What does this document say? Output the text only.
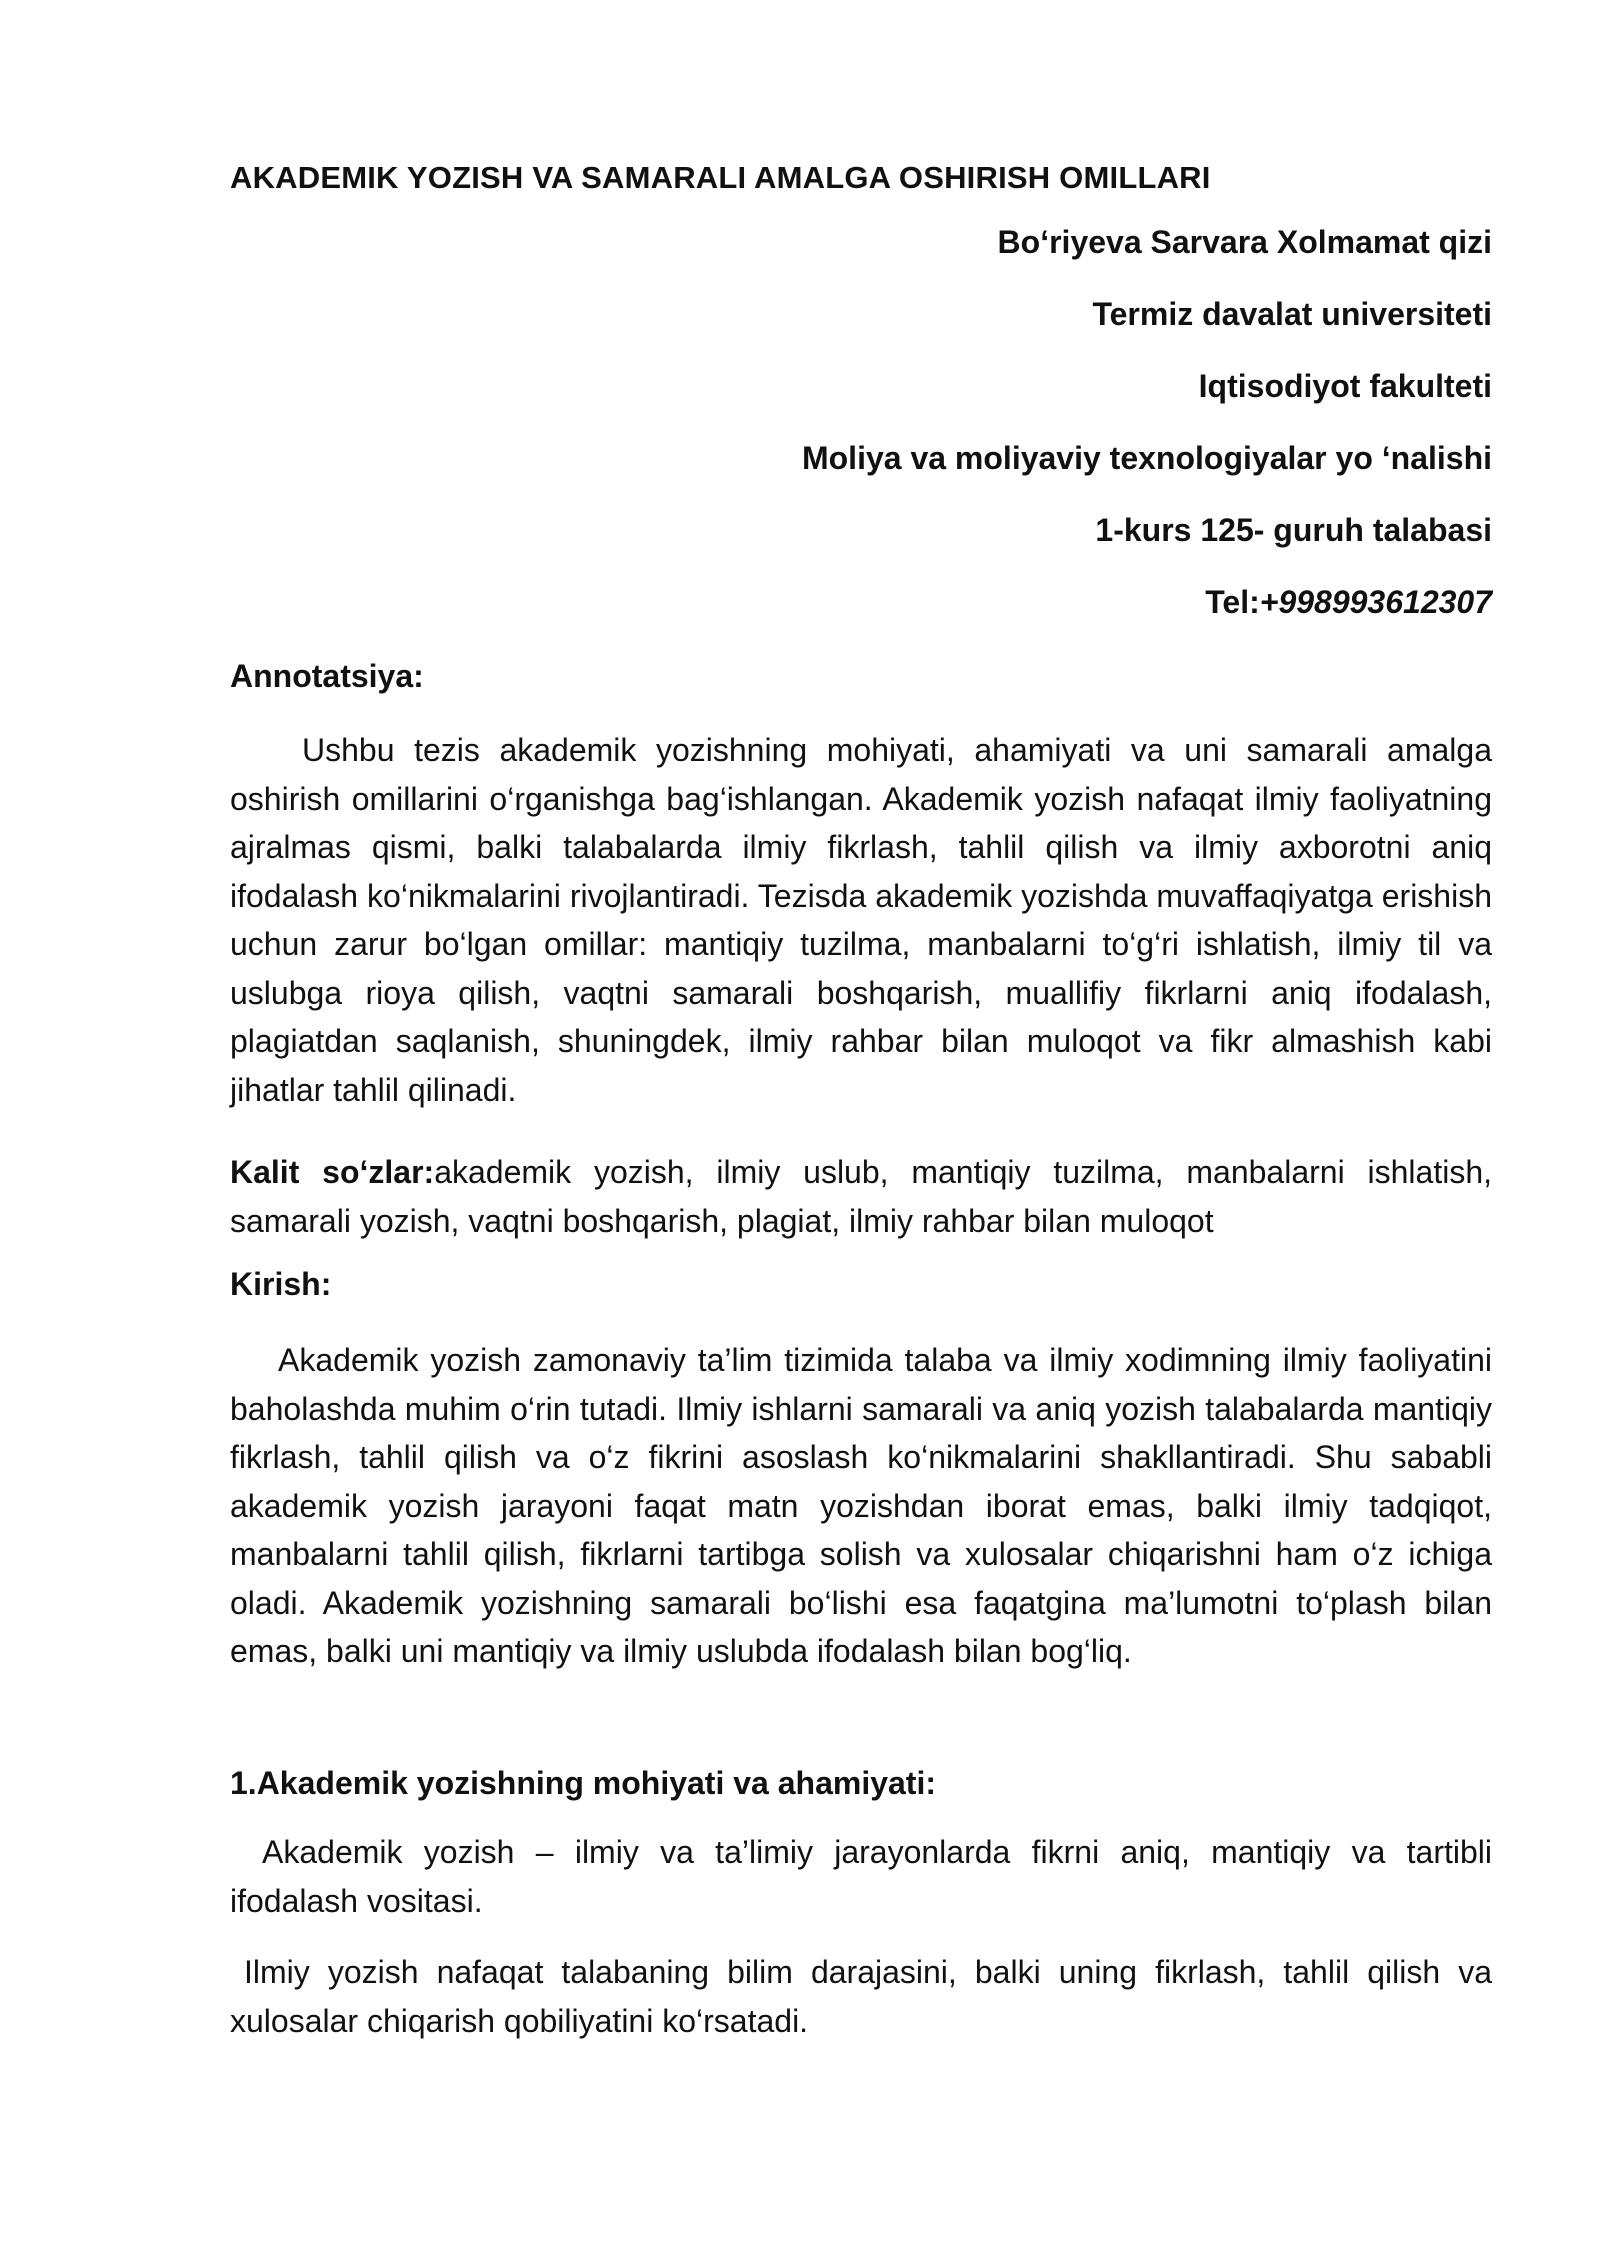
AKADEMIK YOZISH VA SAMARALI AMALGA OSHIRISH OMILLARI
Bo‘riyeva Sarvara Xolmamat qizi
Termiz davalat universiteti
Iqtisodiyot fakulteti
Moliya va moliyaviy texnologiyalar yo ‘nalishi
1-kurs 125- guruh talabasi
Tel:+998993612307
Annotatsiya:

Ushbu tezis akademik yozishning mohiyati, ahamiyati va uni samarali amalga oshirish omillarini o‘rganishga bag‘ishlangan. Akademik yozish nafaqat ilmiy faoliyatning ajralmas qismi, balki talabalarda ilmiy fikrlash, tahlil qilish va ilmiy axborotni aniq ifodalash ko‘nikmalarini rivojlantiradi. Tezisda akademik yozishda muvaffaqiyatga erishish uchun zarur bo‘lgan omillar: mantiqiy tuzilma, manbalarni to‘g‘ri ishlatish, ilmiy til va uslubga rioya qilish, vaqtni samarali boshqarish, muallifiy fikrlarni aniq ifodalash, plagiatdan saqlanish, shuningdek, ilmiy rahbar bilan muloqot va fikr almashish kabi jihatlar tahlil qilinadi.

Kalit so‘zlar:akademik yozish, ilmiy uslub, mantiqiy tuzilma, manbalarni ishlatish, samarali yozish, vaqtni boshqarish, plagiat, ilmiy rahbar bilan muloqot

Kirish:

Akademik yozish zamonaviy ta’lim tizimida talaba va ilmiy xodimning ilmiy faoliyatini baholashda muhim o‘rin tutadi. Ilmiy ishlarni samarali va aniq yozish talabalarda mantiqiy fikrlash, tahlil qilish va o‘z fikrini asoslash ko‘nikmalarini shakllantiradi. Shu sababli akademik yozish jarayoni faqat matn yozishdan iborat emas, balki ilmiy tadqiqot, manbalarni tahlil qilish, fikrlarni tartibga solish va xulosalar chiqarishni ham o‘z ichiga oladi. Akademik yozishning samarali bo‘lishi esa faqatgina ma’lumotni to‘plash bilan emas, balki uni mantiqiy va ilmiy uslubda ifodalash bilan bog‘liq.

1.Akademik yozishning mohiyati va ahamiyati:

Akademik yozish – ilmiy va ta’limiy jarayonlarda fikrni aniq, mantiqiy va tartibli ifodalash vositasi.

Ilmiy yozish nafaqat talabaning bilim darajasini, balki uning fikrlash, tahlil qilish va xulosalar chiqarish qobiliyatini ko‘rsatadi.
